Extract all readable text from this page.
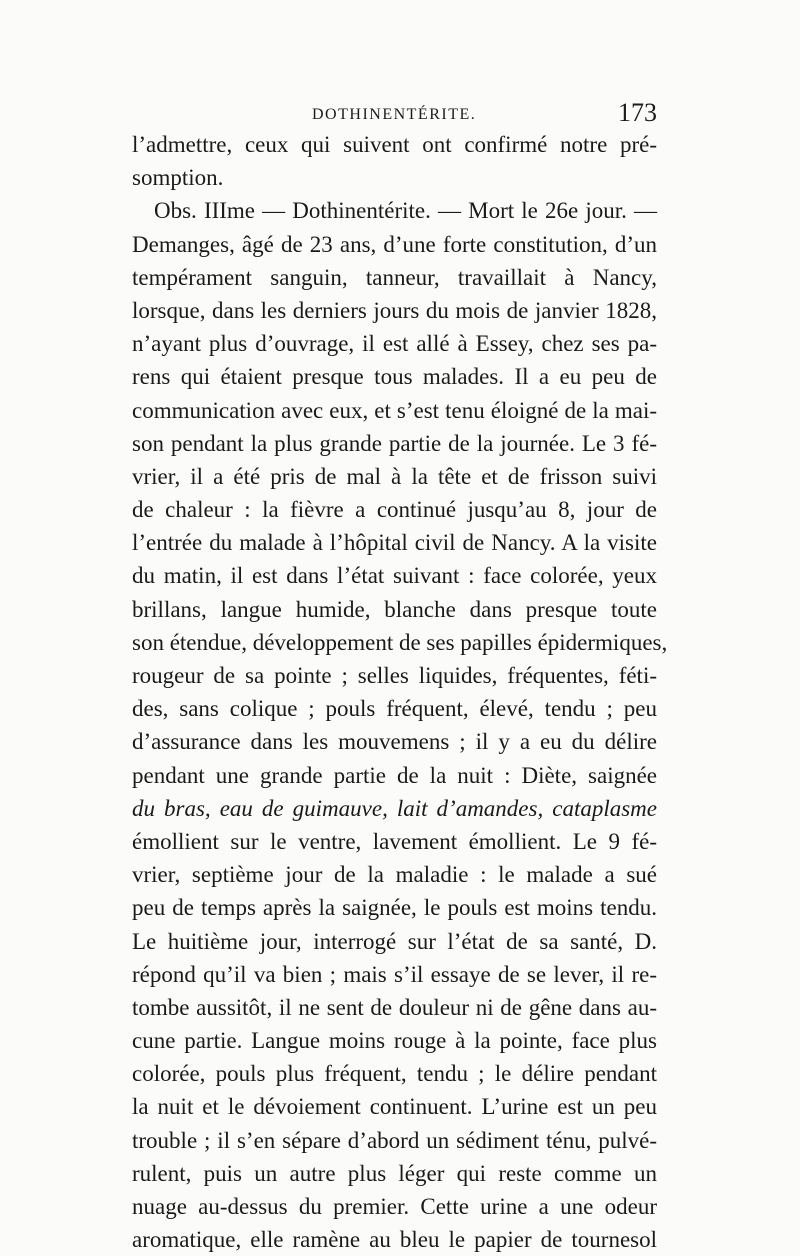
DOTHINENTÉRITE.	173
l’admettre, ceux qui suivent ont confirmé notre pré-
somption.
Obs. IIIme — Dothinentérite. — Mort le 26e jour. —
Demanges, âgé de 23 ans, d’une forte constitution, d’un
tempérament sanguin, tanneur, travaillait à Nancy,
lorsque, dans les derniers jours du mois de janvier 1828,
n’ayant plus d’ouvrage, il est allé à Essey, chez ses pa-
rens qui étaient presque tous malades. Il a eu peu de
communication avec eux, et s’est tenu éloigné de la mai-
son pendant la plus grande partie de la journée. Le 3 fé-
vrier, il a été pris de mal à la tête et de frisson suivi
de chaleur : la fièvre a continué jusqu’au 8, jour de
l’entrée du malade à l’hôpital civil de Nancy. A la visite
du matin, il est dans l’état suivant : face colorée, yeux
brillans, langue humide, blanche dans presque toute
son étendue, développement de ses papilles épidermiques,
rougeur de sa pointe ; selles liquides, fréquentes, féti-
des, sans colique ; pouls fréquent, élevé, tendu ; peu
d’assurance dans les mouvemens ; il y a eu du délire
pendant une grande partie de la nuit : Diète, saignée
du bras, eau de guimauve, lait d’amandes, cataplasme
émollient sur le ventre, lavement émollient. Le 9 fé-
vrier, septième jour de la maladie : le malade a sué
peu de temps après la saignée, le pouls est moins tendu.
Le huitième jour, interrogé sur l’état de sa santé, D.
répond qu’il va bien ; mais s’il essaye de se lever, il re-
tombe aussitôt, il ne sent de douleur ni de gêne dans au-
cune partie. Langue moins rouge à la pointe, face plus
colorée, pouls plus fréquent, tendu ; le délire pendant
la nuit et le dévoiement continuent. L’urine est un peu
trouble ; il s’en sépare d’abord un sédiment ténu, pulvé-
rulent, puis un autre plus léger qui reste comme un
nuage au-dessus du premier. Cette urine a une odeur
aromatique, elle ramène au bleu le papier de tournesol
